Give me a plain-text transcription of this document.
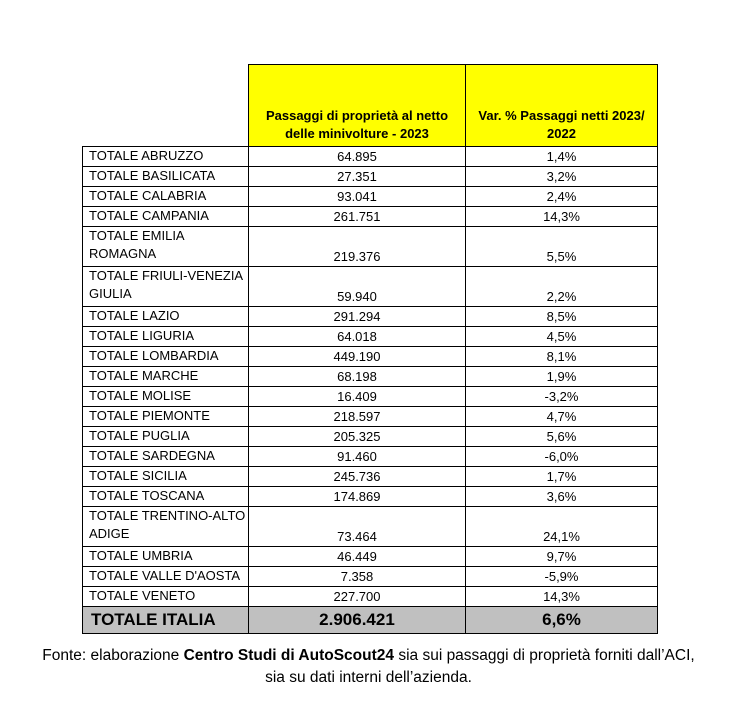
	Passaggi di proprietà al netto delle minivolture - 2023	Var. % Passaggi netti 2023/ 2022
TOTALE ABRUZZO	64.895	1,4%
TOTALE BASILICATA	27.351	3,2%
TOTALE CALABRIA	93.041	2,4%
TOTALE CAMPANIA	261.751	14,3%
TOTALE EMILIA ROMAGNA	219.376	5,5%
TOTALE FRIULI-VENEZIA GIULIA	59.940	2,2%
TOTALE LAZIO	291.294	8,5%
TOTALE LIGURIA	64.018	4,5%
TOTALE LOMBARDIA	449.190	8,1%
TOTALE MARCHE	68.198	1,9%
TOTALE MOLISE	16.409	-3,2%
TOTALE PIEMONTE	218.597	4,7%
TOTALE PUGLIA	205.325	5,6%
TOTALE SARDEGNA	91.460	-6,0%
TOTALE SICILIA	245.736	1,7%
TOTALE TOSCANA	174.869	3,6%
TOTALE TRENTINO-ALTO ADIGE	73.464	24,1%
TOTALE UMBRIA	46.449	9,7%
TOTALE VALLE D'AOSTA	7.358	-5,9%
TOTALE VENETO	227.700	14,3%
TOTALE ITALIA	2.906.421	6,6%
Fonte: elaborazione Centro Studi di AutoScout24 sia sui passaggi di proprietà forniti dall’ACI,
sia su dati interni dell’azienda.
